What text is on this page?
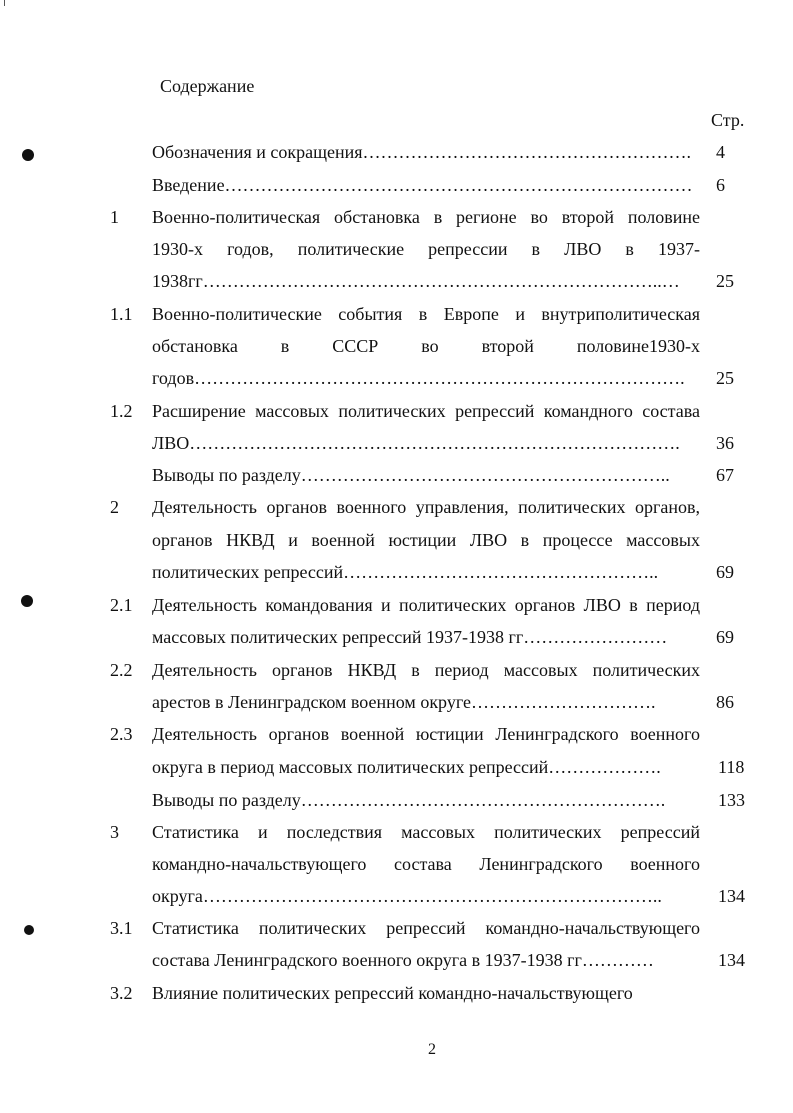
Содержание
Стр.
Обозначения и сокращения………………………………………………. 4
Введение…………………………………………………………………… 6
1 Военно-политическая обстановка в регионе во второй половине
1930-х годов, политические репрессии в ЛВО в 1937-
1938гг…………………………………………………………………..… 25
1.1 Военно-политические события в Европе и внутриполитическая
обстановка в СССР во второй половине1930-х
годов………………………………………………………………………. 25
1.2 Расширение массовых политических репрессий командного состава
ЛВО………………………………………………………………………. 36
Выводы по разделу……………………………………………………..	67
2 Деятельность органов военного управления, политических органов,
органов НКВД и военной юстиции ЛВО в процессе массовых
политических репрессий……………………………………………..	69
2.1 Деятельность командования и политических органов ЛВО в период
массовых политических репрессий 1937-1938 гг……………………	69
2.2 Деятельность органов НКВД в период массовых политических
арестов в Ленинградском военном округе………………………….	86
2.3 Деятельность органов военной юстиции Ленинградского военного
округа в период массовых политических репрессий……………….	118
Выводы по разделу…………………………………………………….	133
3 Статистика и последствия массовых политических репрессий
командно-начальствующего состава Ленинградского военного
округа…………………………………………………………………..	134
3.1 Статистика политических репрессий командно-начальствующего
состава Ленинградского военного округа в 1937-1938 гг…………	134
3.2 Влияние политических репрессий командно-начальствующего
2
